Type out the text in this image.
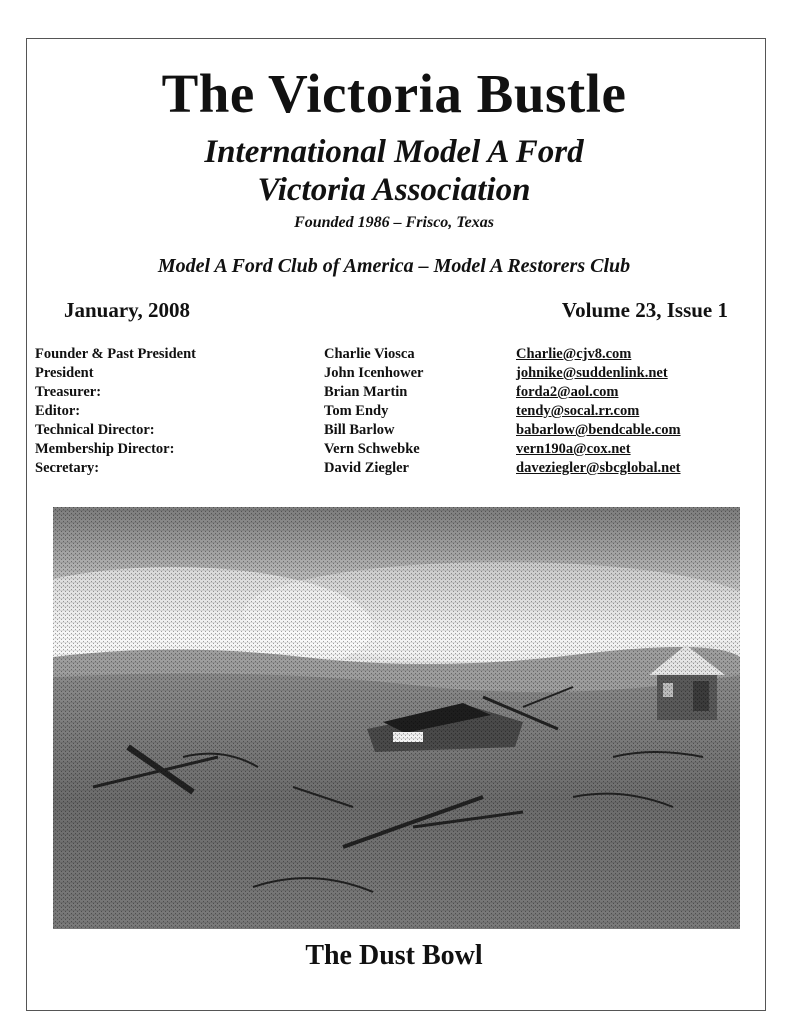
The Victoria Bustle
International Model A Ford
Victoria Association
Founded 1986 – Frisco, Texas
Model A Ford Club of America – Model A Restorers Club
January, 2008	Volume 23, Issue 1
Founder & Past President	Charlie Viosca	Charlie@cjv8.com
President	John Icenhower	johnike@suddenlink.net
Treasurer:	Brian Martin	forda2@aol.com
Editor:	Tom Endy	tendy@socal.rr.com
Technical Director:	Bill Barlow	babarlow@bendcable.com
Membership Director:	Vern Schwebke	vern190a@cox.net
Secretary:	David Ziegler	daveziegler@sbcglobal.net
The Dust Bowl
